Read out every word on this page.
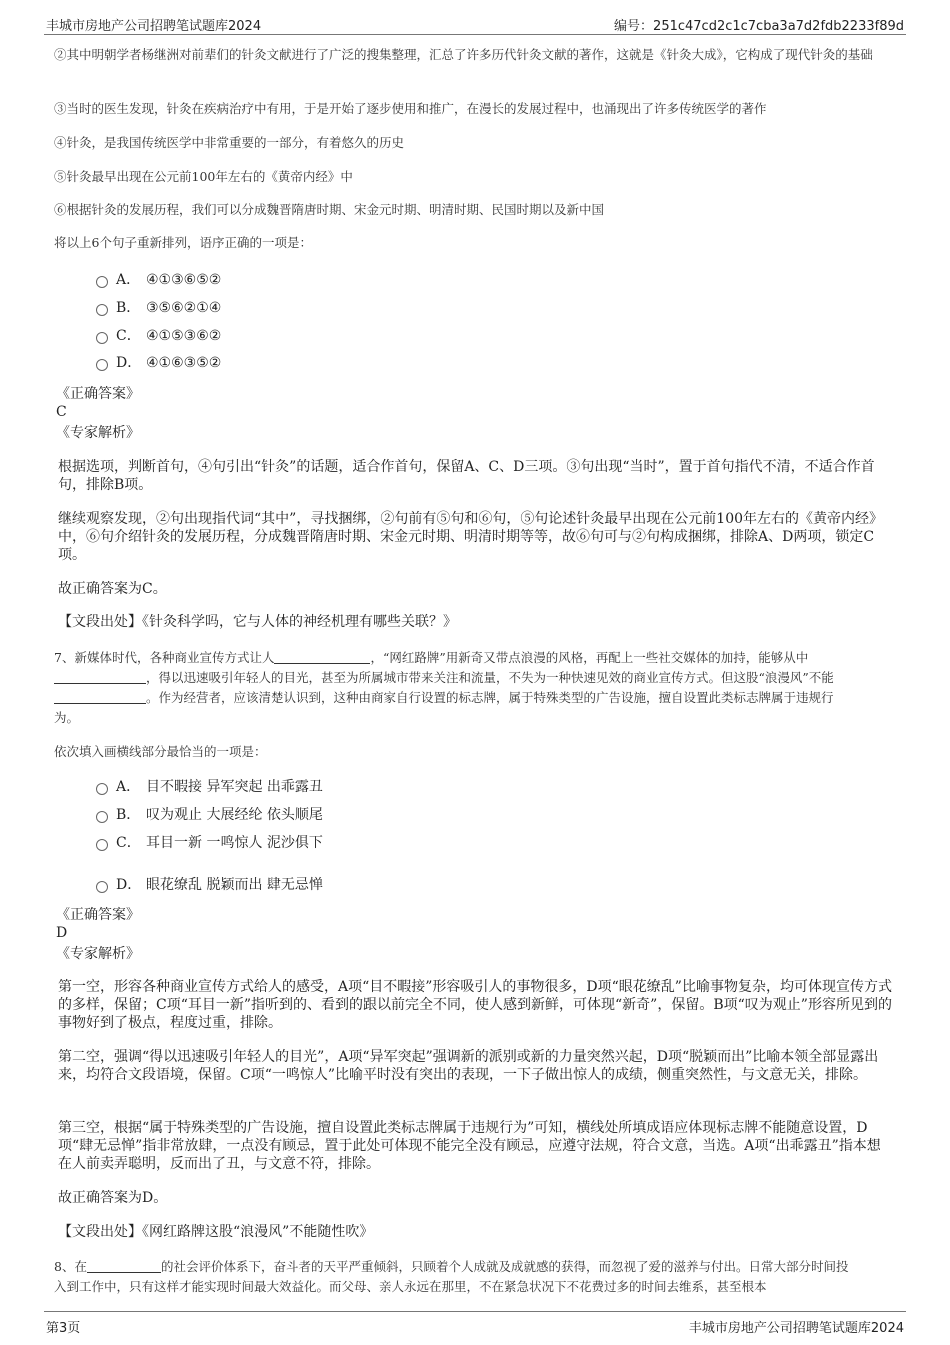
丰城市房地产公司招聘笔试题库2024	编号：251c47cd2c1c7cba3a7d2fdb2233f89d
②其中明朝学者杨继洲对前辈们的针灸文献进行了广泛的搜集整理，汇总了许多历代针灸文献的著作，这就是《针灸大成》，它构成了现代针灸的基础
③当时的医生发现，针灸在疾病治疗中有用，于是开始了逐步使用和推广，在漫长的发展过程中，也涌现出了许多传统医学的著作
④针灸，是我国传统医学中非常重要的一部分，有着悠久的历史
⑤针灸最早出现在公元前100年左右的《黄帝内经》中
⑥根据针灸的发展历程，我们可以分成魏晋隋唐时期、宋金元时期、明清时期、民国时期以及新中国
将以上6个句子重新排列，语序正确的一项是：
A． ④①③⑥⑤②
B． ③⑤⑥②①④
C． ④①⑤③⑥②
D． ④①⑥③⑤②
《正确答案》
C
《专家解析》
根据选项，判断首句，④句引出“针灸”的话题，适合作首句，保留A、C、D三项。③句出现“当时”，置于首句指代不清，不适合作首句，排除B项。
继续观察发现，②句出现指代词“其中”，寻找捆绑，②句前有⑤句和⑥句，⑤句论述针灸最早出现在公元前100年左右的《黄帝内经》中，⑥句介绍针灸的发展历程，分成魏晋隋唐时期、宋金元时期、明清时期等等，故⑥句可与②句构成捆绑，排除A、D两项，锁定C项。
故正确答案为C。
【文段出处】《针灸科学吗，它与人体的神经机理有哪些关联？》
7、新媒体时代，各种商业宣传方式让人	，“网红路牌”用新奇又带点浪漫的风格，再配上一些社交媒体的加持，能够从中
，得以迅速吸引年轻人的目光，甚至为所属城市带来关注和流量，不失为一种快速见效的商业宣传方式。但这股“浪漫风”不能
。作为经营者，应该清楚认识到，这种由商家自行设置的标志牌，属于特殊类型的广告设施，擅自设置此类标志牌属于违规行
为。
依次填入画横线部分最恰当的一项是：
A． 目不暇接 异军突起 出乖露丑
B． 叹为观止 大展经纶 依头顺尾
C． 耳目一新 一鸣惊人 泥沙俱下
D． 眼花缭乱 脱颖而出 肆无忌惮
《正确答案》
D
《专家解析》
第一空，形容各种商业宣传方式给人的感受，A项“目不暇接”形容吸引人的事物很多，D项“眼花缭乱”比喻事物复杂，均可体现宣传方式的多样，保留；C项“耳目一新”指听到的、看到的跟以前完全不同，使人感到新鲜，可体现“新奇”，保留。B项“叹为观止”形容所见到的事物好到了极点，程度过重，排除。
第二空，强调“得以迅速吸引年轻人的目光”，A项“异军突起”强调新的派别或新的力量突然兴起，D项“脱颖而出”比喻本领全部显露出来，均符合文段语境，保留。C项“一鸣惊人”比喻平时没有突出的表现，一下子做出惊人的成绩，侧重突然性，与文意无关，排除。
第三空，根据“属于特殊类型的广告设施，擅自设置此类标志牌属于违规行为”可知，横线处所填成语应体现标志牌不能随意设置，D项“肆无忌惮”指非常放肆，一点没有顾忌，置于此处可体现不能完全没有顾忌，应遵守法规，符合文意，当选。A项“出乖露丑”指本想在人前卖弄聪明，反而出了丑，与文意不符，排除。
故正确答案为D。
【文段出处】《网红路牌这股“浪漫风”不能随性吹》
8、在	的社会评价体系下，奋斗者的天平严重倾斜，只顾着个人成就及成就感的获得，而忽视了爱的滋养与付出。日常大部分时间投
入到工作中，只有这样才能实现时间最大效益化。而父母、亲人永远在那里，不在紧急状况下不花费过多的时间去维系，甚至根本
第3页	丰城市房地产公司招聘笔试题库2024
